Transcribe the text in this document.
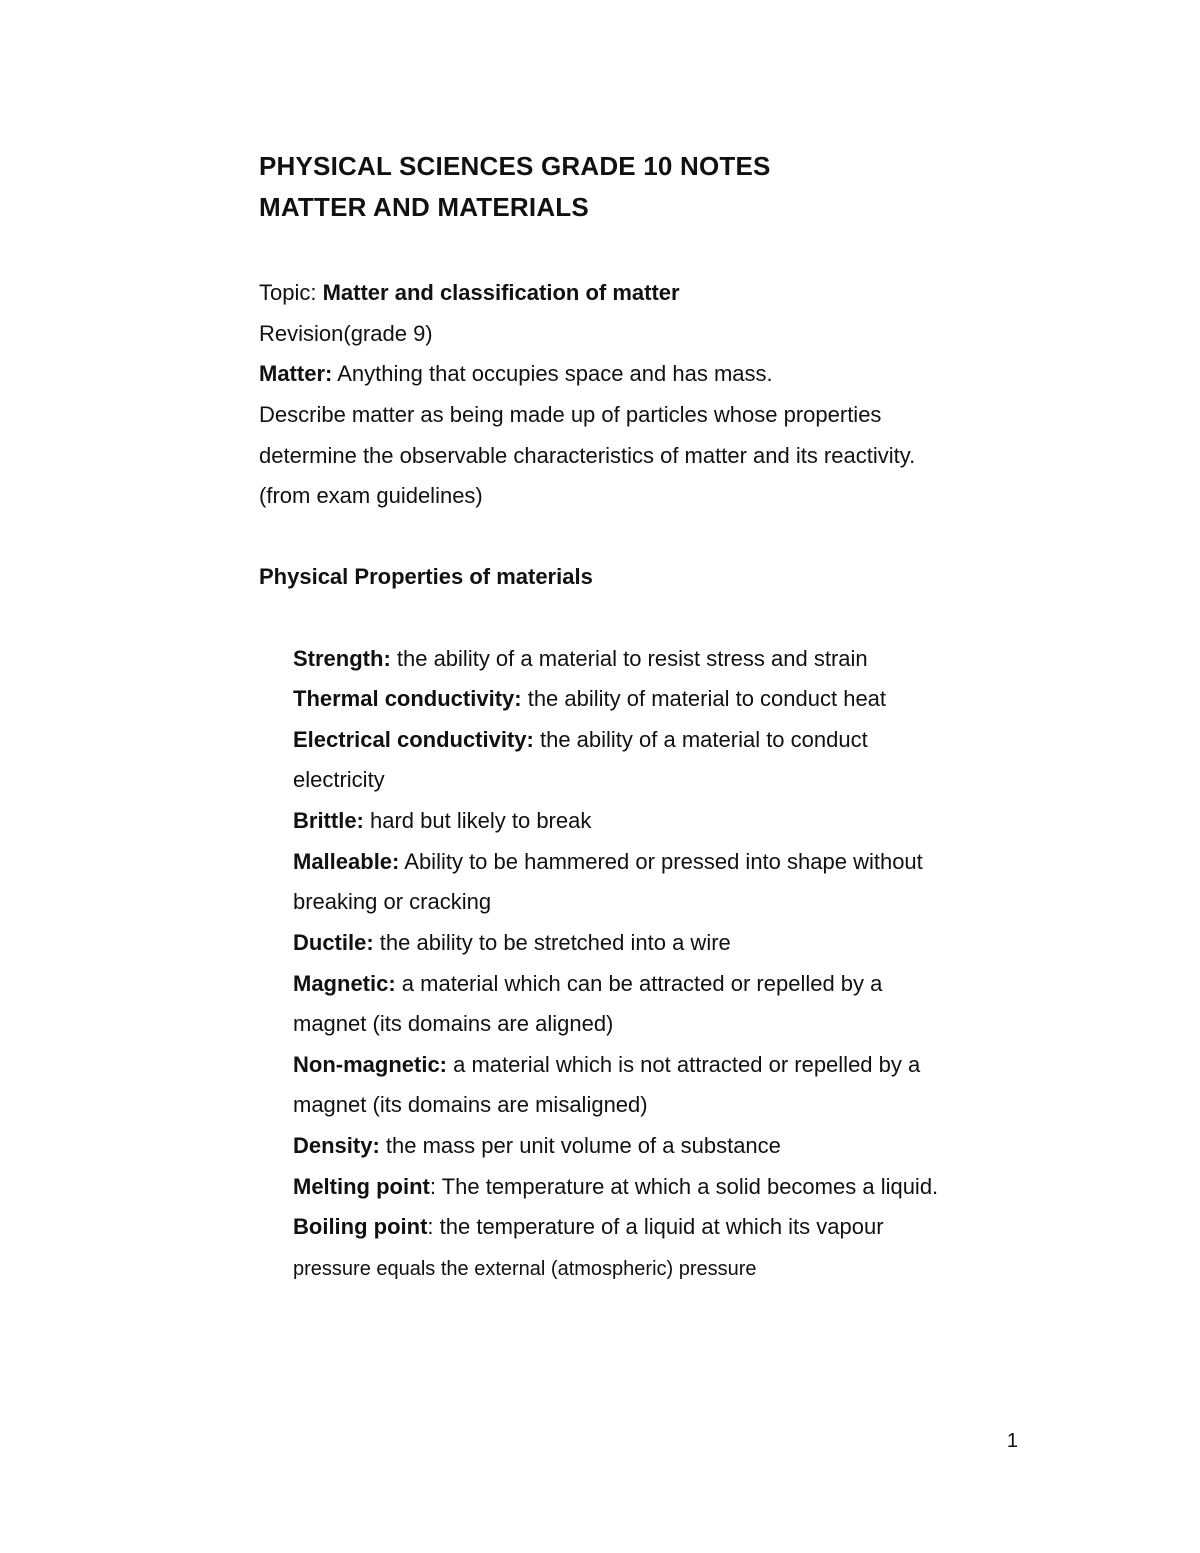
PHYSICAL SCIENCES GRADE 10 NOTES
MATTER AND MATERIALS
Topic: Matter and classification of matter
Revision(grade 9)
Matter: Anything that occupies space and has mass.
Describe matter as being made up of particles whose properties
determine the observable characteristics of matter and its reactivity.
(from exam guidelines)
Physical Properties of materials
Strength: the ability of a material to resist stress and strain
Thermal conductivity: the ability of material to conduct heat
Electrical conductivity: the ability of a material to conduct
electricity
Brittle: hard but likely to break
Malleable: Ability to be hammered or pressed into shape without
breaking or cracking
Ductile: the ability to be stretched into a wire
Magnetic: a material which can be attracted or repelled by a
magnet (its domains are aligned)
Non-magnetic: a material which is not attracted or repelled by a
magnet (its domains are misaligned)
Density: the mass per unit volume of a substance
Melting point: The temperature at which a solid becomes a liquid.
Boiling point: the temperature of a liquid at which its vapour
pressure equals the external (atmospheric) pressure
1
